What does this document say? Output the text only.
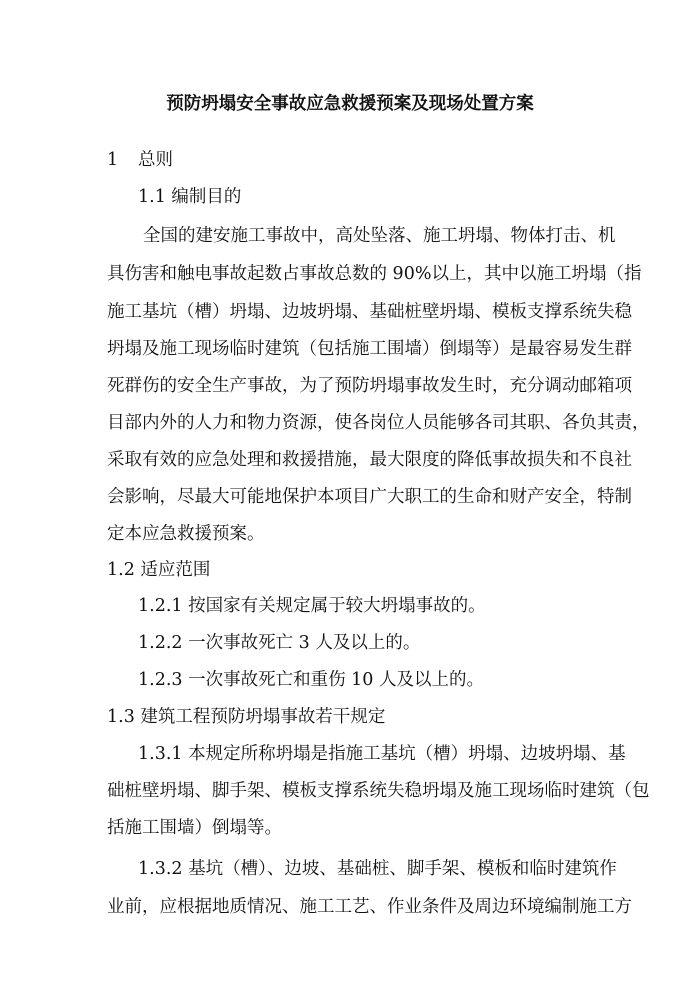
预防坍塌安全事故应急救援预案及现场处置方案
1 总则
1.1 编制目的
全国的建安施工事故中，高处坠落、施工坍塌、物体打击、机
具伤害和触电事故起数占事故总数的 90%以上，其中以施工坍塌（指
施工基坑（槽）坍塌、边坡坍塌、基础桩壁坍塌、模板支撑系统失稳
坍塌及施工现场临时建筑（包括施工围墙）倒塌等）是最容易发生群
死群伤的安全生产事故，为了预防坍塌事故发生时，充分调动邮箱项
目部内外的人力和物力资源，使各岗位人员能够各司其职、各负其责，
采取有效的应急处理和救援措施，最大限度的降低事故损失和不良社
会影响，尽最大可能地保护本项目广大职工的生命和财产安全，特制
定本应急救援预案。
1.2 适应范围
1.2.1 按国家有关规定属于较大坍塌事故的。
1.2.2 一次事故死亡 3 人及以上的。
1.2.3 一次事故死亡和重伤 10 人及以上的。
1.3 建筑工程预防坍塌事故若干规定
1.3.1 本规定所称坍塌是指施工基坑（槽）坍塌、边坡坍塌、基
础桩壁坍塌、脚手架、模板支撑系统失稳坍塌及施工现场临时建筑（包
括施工围墙）倒塌等。
1.3.2 基坑（槽）、边坡、基础桩、脚手架、模板和临时建筑作
业前，应根据地质情况、施工工艺、作业条件及周边环境编制施工方
